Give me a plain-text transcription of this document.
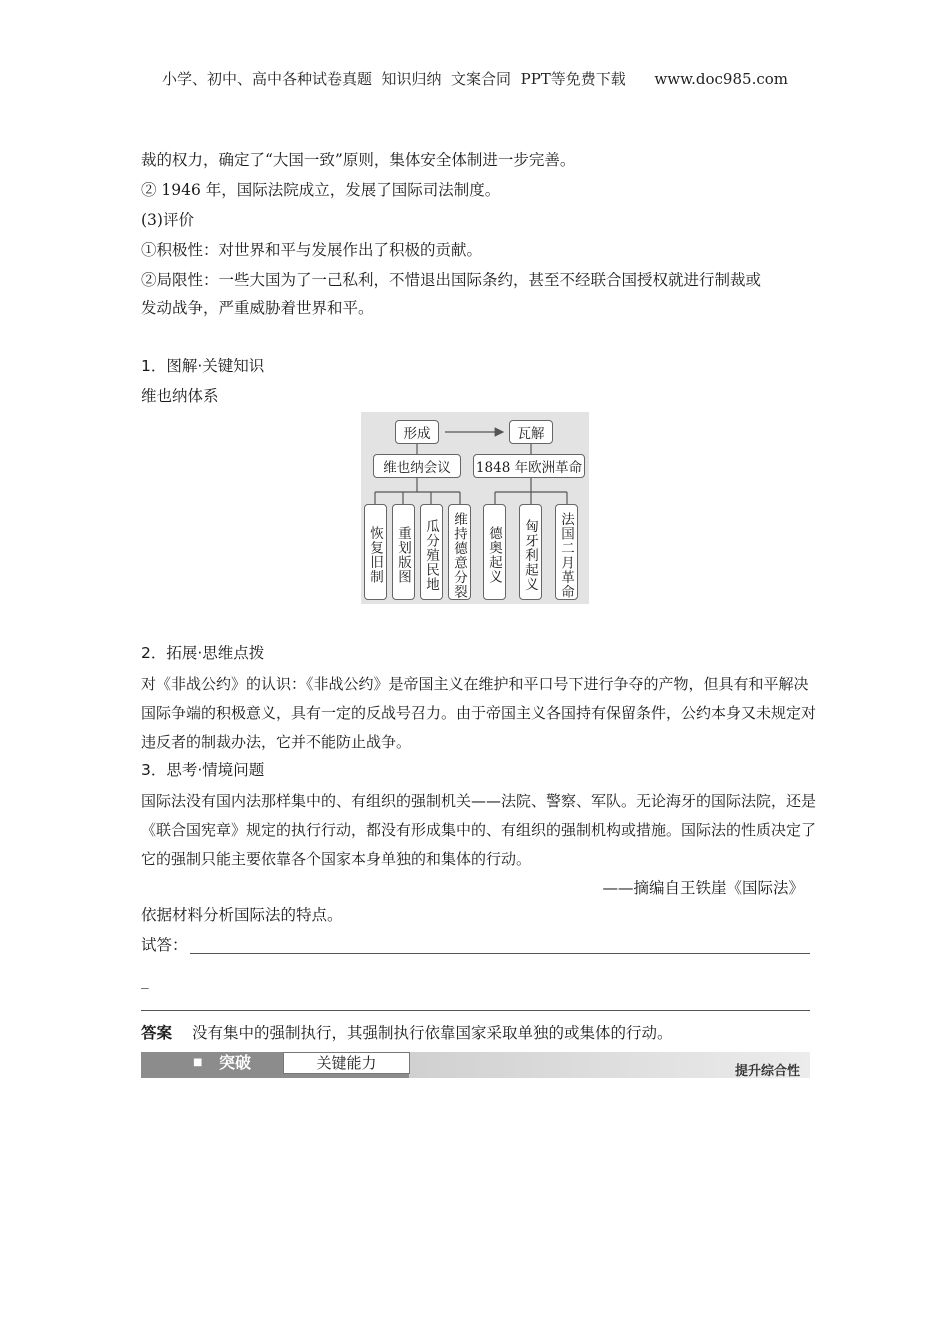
小学、初中、高中各种试卷真题  知识归纳  文案合同  PPT等免费下载      www.doc985.com
裁的权力，确定了“大国一致”原则，集体安全体制进一步完善。
② 1946 年，国际法院成立，发展了国际司法制度。
(3)评价
①积极性：对世界和平与发展作出了积极的贡献。
②局限性：一些大国为了一己私利，不惜退出国际条约，甚至不经联合国授权就进行制裁或
发动战争，严重威胁着世界和平。
1．图解·关键知识
维也纳体系
形成	瓦解
维也纳会议	1848 年欧洲革命
恢复旧制 重划版图 瓜分殖民地 维持德意分裂 德奥起义 匈牙利起义 法国二月革命
2．拓展·思维点拨
对《非战公约》的认识：《非战公约》是帝国主义在维护和平口号下进行争夺的产物，但具有和平解决国际争端的积极意义，具有一定的反战号召力。由于帝国主义各国持有保留条件，公约本身又未规定对违反者的制裁办法，它并不能防止战争。
3．思考·情境问题
国际法没有国内法那样集中的、有组织的强制机关——法院、警察、军队。无论海牙的国际法院，还是《联合国宪章》规定的执行行动，都没有形成集中的、有组织的强制机构或措施。国际法的性质决定了它的强制只能主要依靠各个国家本身单独的和集体的行动。
——摘编自王铁崖《国际法》
依据材料分析国际法的特点。
试答：
_
答案 没有集中的强制执行，其强制执行依靠国家采取单独的或集体的行动。
■ 突破	关键能力	提升综合性
